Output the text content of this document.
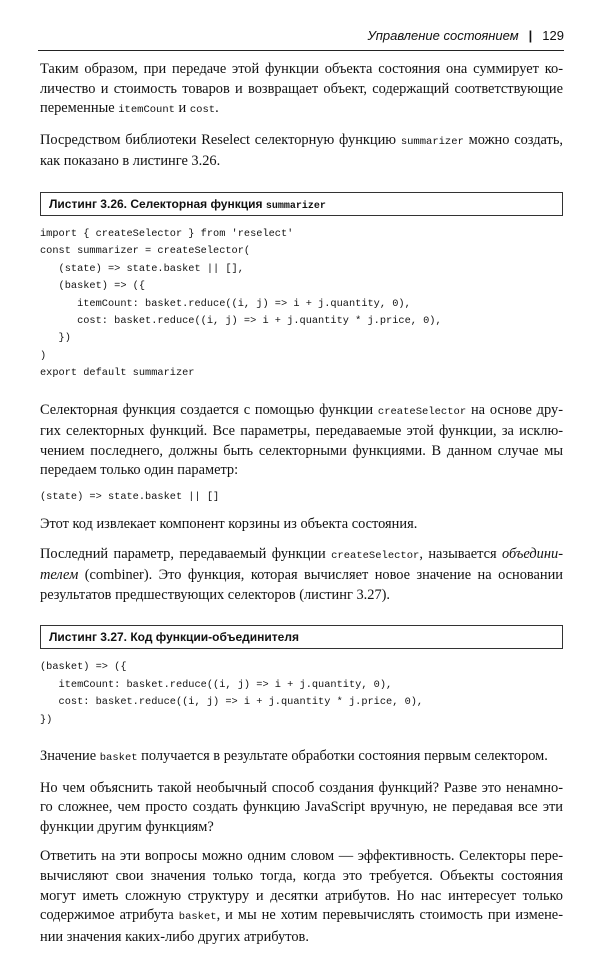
Управление состоянием | 129
Таким образом, при передаче этой функции объекта состояния она суммирует ко-
личество и стоимость товаров и возвращает объект, содержащий соответствующие
переменные itemCount и cost.
Посредством библиотеки Reselect селекторную функцию summarizer можно создать,
как показано в листинге 3.26.
Листинг 3.26. Селекторная функция summarizer
import { createSelector } from 'reselect'
const summarizer = createSelector(
(state) => state.basket || [],
(basket) => ({
itemCount: basket.reduce((i, j) => i + j.quantity, 0),
cost: basket.reduce((i, j) => i + j.quantity * j.price, 0),
})
)
export default summarizer
Селекторная функция создается с помощью функции createSelector на основе дру-
гих селекторных функций. Все параметры, передаваемые этой функции, за исклю-
чением последнего, должны быть селекторными функциями. В данном случае мы
передаем только один параметр:
(state) => state.basket || []
Этот код извлекает компонент корзины из объекта состояния.
Последний параметр, передаваемый функции createSelector, называется объедини-
телем (combiner). Это функция, которая вычисляет новое значение на основании
результатов предшествующих селекторов (листинг 3.27).
Листинг 3.27. Код функции-объединителя
(basket) => ({
itemCount: basket.reduce((i, j) => i + j.quantity, 0),
cost: basket.reduce((i, j) => i + j.quantity * j.price, 0),
})
Значение basket получается в результате обработки состояния первым селектором.
Но чем объяснить такой необычный способ создания функций? Разве это ненамно-
го сложнее, чем просто создать функцию JavaScript вручную, не передавая все эти
функции другим функциям?
Ответить на эти вопросы можно одним словом — эффективность. Селекторы пере-
вычисляют свои значения только тогда, когда это требуется. Объекты состояния
могут иметь сложную структуру и десятки атрибутов. Но нас интересует только
содержимое атрибута basket, и мы не хотим перевычислять стоимость при измене-
нии значения каких-либо других атрибутов.
